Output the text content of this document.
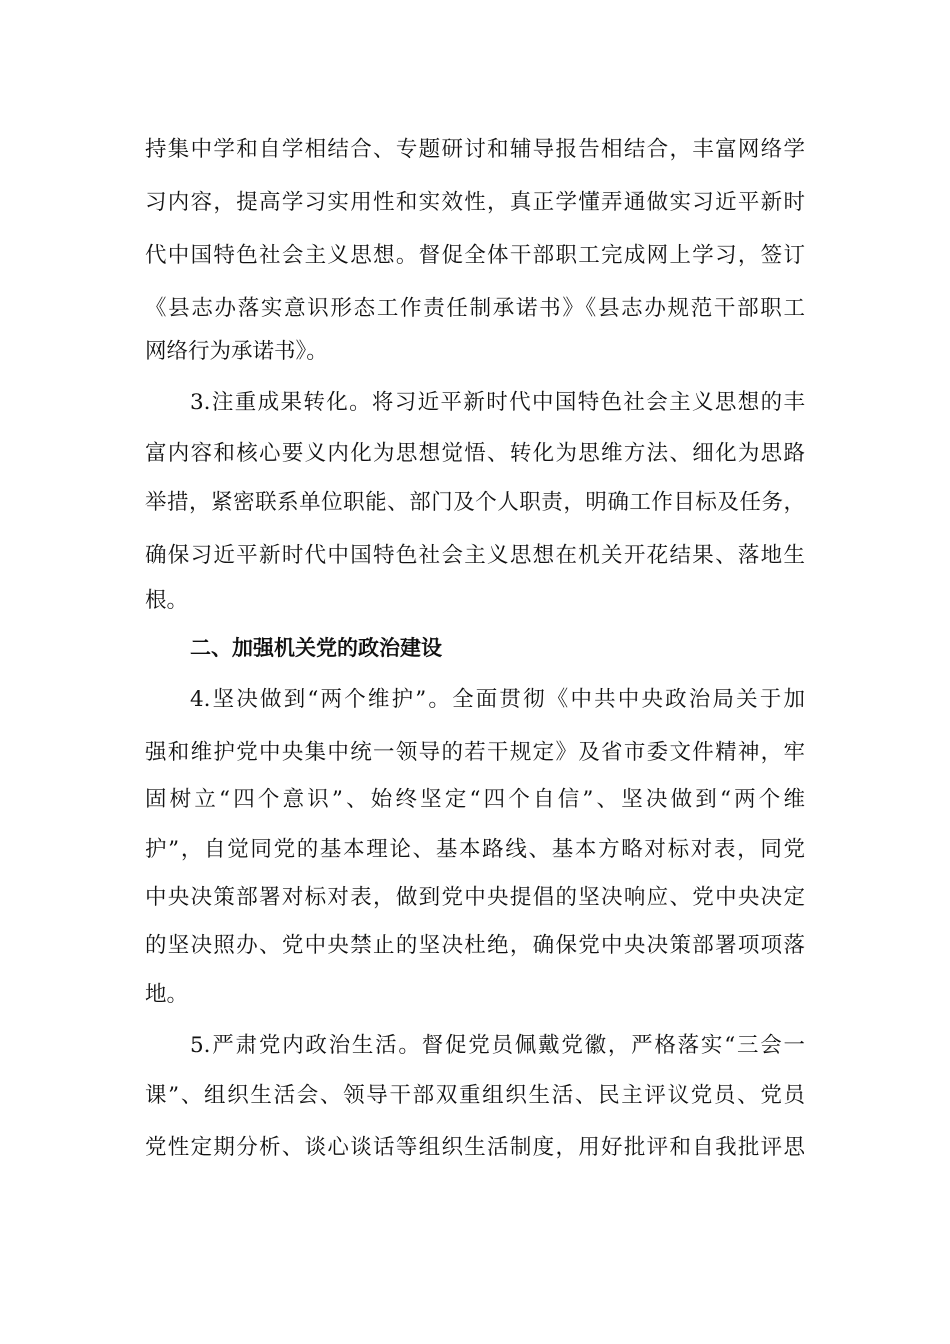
持集中学和自学相结合、专题研讨和辅导报告相结合，丰富网络学
习内容，提高学习实用性和实效性，真正学懂弄通做实习近平新时
代中国特色社会主义思想。督促全体干部职工完成网上学习，签订
《县志办落实意识形态工作责任制承诺书》《县志办规范干部职工
网络行为承诺书》。
3.注重成果转化。将习近平新时代中国特色社会主义思想的丰
富内容和核心要义内化为思想觉悟、转化为思维方法、细化为思路
举措，紧密联系单位职能、部门及个人职责，明确工作目标及任务，
确保习近平新时代中国特色社会主义思想在机关开花结果、落地生
根。
二、加强机关党的政治建设
4.坚决做到“两个维护”。全面贯彻《中共中央政治局关于加
强和维护党中央集中统一领导的若干规定》及省市委文件精神，牢
固树立“四个意识”、始终坚定“四个自信”、坚决做到“两个维
护”，自觉同党的基本理论、基本路线、基本方略对标对表，同党
中央决策部署对标对表，做到党中央提倡的坚决响应、党中央决定
的坚决照办、党中央禁止的坚决杜绝，确保党中央决策部署项项落
地。
5.严肃党内政治生活。督促党员佩戴党徽，严格落实“三会一
课”、组织生活会、领导干部双重组织生活、民主评议党员、党员
党性定期分析、谈心谈话等组织生活制度，用好批评和自我批评思
